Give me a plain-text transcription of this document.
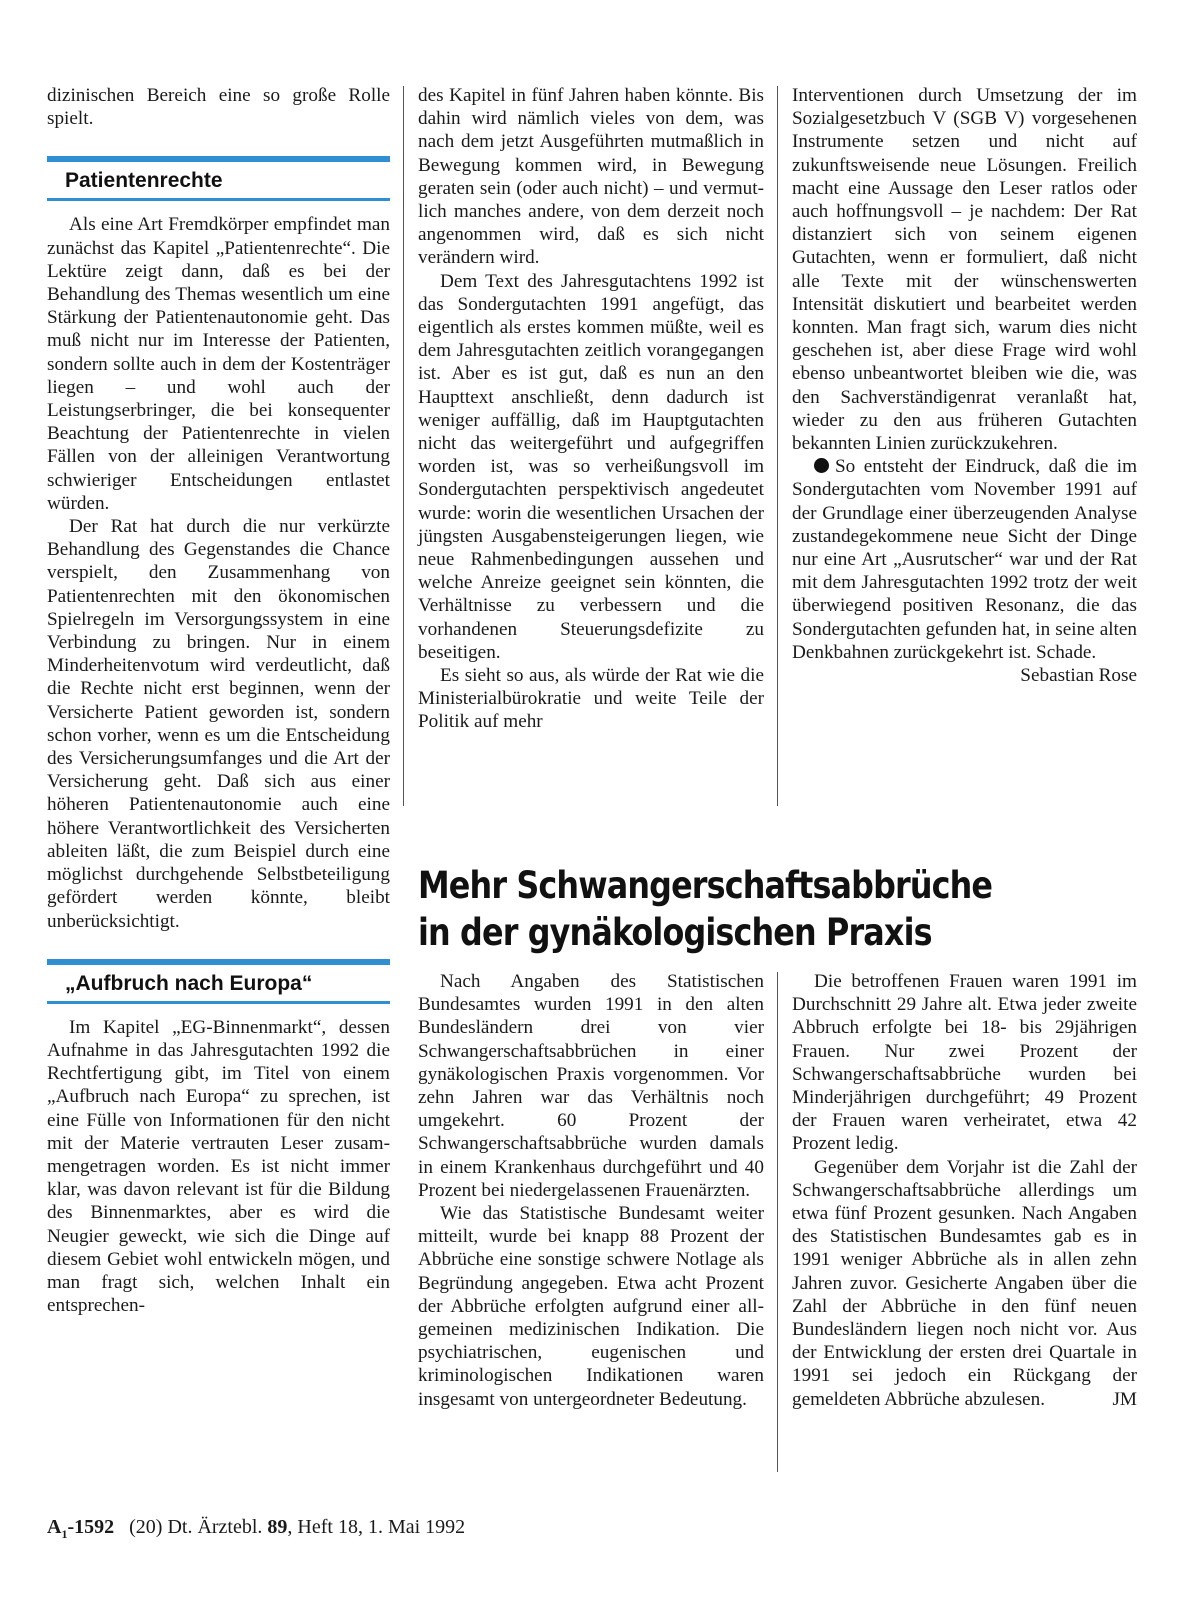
dizinischen Bereich eine so große Rolle spielt.

Patientenrechte

Als eine Art Fremdkörper empfindet man zunächst das Kapitel „Patientenrechte“. Die Lektüre zeigt dann, daß es bei der Behandlung des Themas wesentlich um eine Stärkung der Patientenautonomie geht. Das muß nicht nur im Interesse der Patienten, sondern sollte auch in dem der Kostenträger liegen – und wohl auch der Leistungserbringer, die bei konsequenter Beachtung der Patientenrechte in vielen Fällen von der alleinigen Verantwortung schwieriger Entscheidungen entlastet würden.

Der Rat hat durch die nur verkürzte Behandlung des Gegenstandes die Chance verspielt, den Zusammenhang von Patientenrechten mit den ökonomischen Spielregeln im Versorgungssystem in eine Verbindung zu bringen. Nur in einem Minderheitenvotum wird verdeutlicht, daß die Rechte nicht erst beginnen, wenn der Versicherte Patient geworden ist, sondern schon vorher, wenn es um die Entscheidung des Versicherungsumfanges und die Art der Versicherung geht. Daß sich aus einer höheren Patientenautonomie auch eine höhere Verantwortlichkeit des Versicherten ableiten läßt, die zum Beispiel durch eine möglichst durchgehende Selbstbeteiligung gefördert werden könnte, bleibt unberücksichtigt.

„Aufbruch nach Europa“

Im Kapitel „EG-Binnenmarkt“, dessen Aufnahme in das Jahresgutachten 1992 die Rechtfertigung gibt, im Titel von einem „Aufbruch nach Europa“ zu sprechen, ist eine Fülle von Informationen für den nicht mit der Materie vertrauten Leser zusammengetragen worden. Es ist nicht immer klar, was davon relevant ist für die Bildung des Binnenmarktes, aber es wird die Neugier geweckt, wie sich die Dinge auf diesem Gebiet wohl entwickeln mögen, und man fragt sich, welchen Inhalt ein entsprechen-

des Kapitel in fünf Jahren haben könnte. Bis dahin wird nämlich vieles von dem, was nach dem jetzt Ausgeführten mutmaßlich in Bewegung kommen wird, in Bewegung geraten sein (oder auch nicht) – und vermutlich manches andere, von dem derzeit noch angenommen wird, daß es sich nicht verändern wird.

Dem Text des Jahresgutachtens 1992 ist das Sondergutachten 1991 angefügt, das eigentlich als erstes kommen müßte, weil es dem Jahresgutachten zeitlich vorangegangen ist. Aber es ist gut, daß es nun an den Haupttext anschließt, denn dadurch ist weniger auffällig, daß im Hauptgutachten nicht das weitergeführt und aufgegriffen worden ist, was so verheißungsvoll im Sondergutachten perspektivisch angedeutet wurde: worin die wesentlichen Ursachen der jüngsten Ausgabensteigerungen liegen, wie neue Rahmenbedingungen aussehen und welche Anreize geeignet sein könnten, die Verhältnisse zu verbessern und die vorhandenen Steuerungsdefizite zu beseitigen.

Es sieht so aus, als würde der Rat wie die Ministerialbürokratie und weite Teile der Politik auf mehr

Interventionen durch Umsetzung der im Sozialgesetzbuch V (SGB V) vorgesehenen Instrumente setzen und nicht auf zukunftsweisende neue Lösungen. Freilich macht eine Aussage den Leser ratlos oder auch hoffnungsvoll – je nachdem: Der Rat distanziert sich von seinem eigenen Gutachten, wenn er formuliert, daß nicht alle Texte mit der wünschenswerten Intensität diskutiert und bearbeitet werden konnten. Man fragt sich, warum dies nicht geschehen ist, aber diese Frage wird wohl ebenso unbeantwortet bleiben wie die, was den Sachverständigenrat veranlaßt hat, wieder zu den aus früheren Gutachten bekannten Linien zurückzukehren.

So entsteht der Eindruck, daß die im Sondergutachten vom November 1991 auf der Grundlage einer überzeugenden Analyse zustandegekommene neue Sicht der Dinge nur eine Art „Ausrutscher“ war und der Rat mit dem Jahresgutachten 1992 trotz der weit überwiegend positiven Resonanz, die das Sondergutachten gefunden hat, in seine alten Denkbahnen zurückgekehrt ist. Schade.
Sebastian Rose

Mehr Schwangerschaftsabbrüche
in der gynäkologischen Praxis

Nach Angaben des Statistischen Bundesamtes wurden 1991 in den alten Bundesländern drei von vier Schwangerschaftsabbrüchen in einer gynäkologischen Praxis vorgenommen. Vor zehn Jahren war das Verhältnis noch umgekehrt. 60 Prozent der Schwangerschaftsabbrüche wurden damals in einem Krankenhaus durchgeführt und 40 Prozent bei niedergelassenen Frauenärzten.

Wie das Statistische Bundesamt weiter mitteilt, wurde bei knapp 88 Prozent der Abbrüche eine sonstige schwere Notlage als Begründung angegeben. Etwa acht Prozent der Abbrüche erfolgten aufgrund einer allgemeinen medizinischen Indikation. Die psychiatrischen, eugenischen und kriminologischen Indikationen waren insgesamt von untergeordneter Bedeutung.

Die betroffenen Frauen waren 1991 im Durchschnitt 29 Jahre alt. Etwa jeder zweite Abbruch erfolgte bei 18- bis 29jährigen Frauen. Nur zwei Prozent der Schwangerschaftsabbrüche wurden bei Minderjährigen durchgeführt; 49 Prozent der Frauen waren verheiratet, etwa 42 Prozent ledig.

Gegenüber dem Vorjahr ist die Zahl der Schwangerschaftsabbrüche allerdings um etwa fünf Prozent gesunken. Nach Angaben des Statistischen Bundesamtes gab es in 1991 weniger Abbrüche als in allen zehn Jahren zuvor. Gesicherte Angaben über die Zahl der Abbrüche in den fünf neuen Bundesländern liegen noch nicht vor. Aus der Entwicklung der ersten drei Quartale in 1991 sei jedoch ein Rückgang der gemeldeten Abbrüche abzulesen.	JM

$A_1-1592$ (20) Dt. Ärztebl. 89, Heft 18, 1. Mai 1992
